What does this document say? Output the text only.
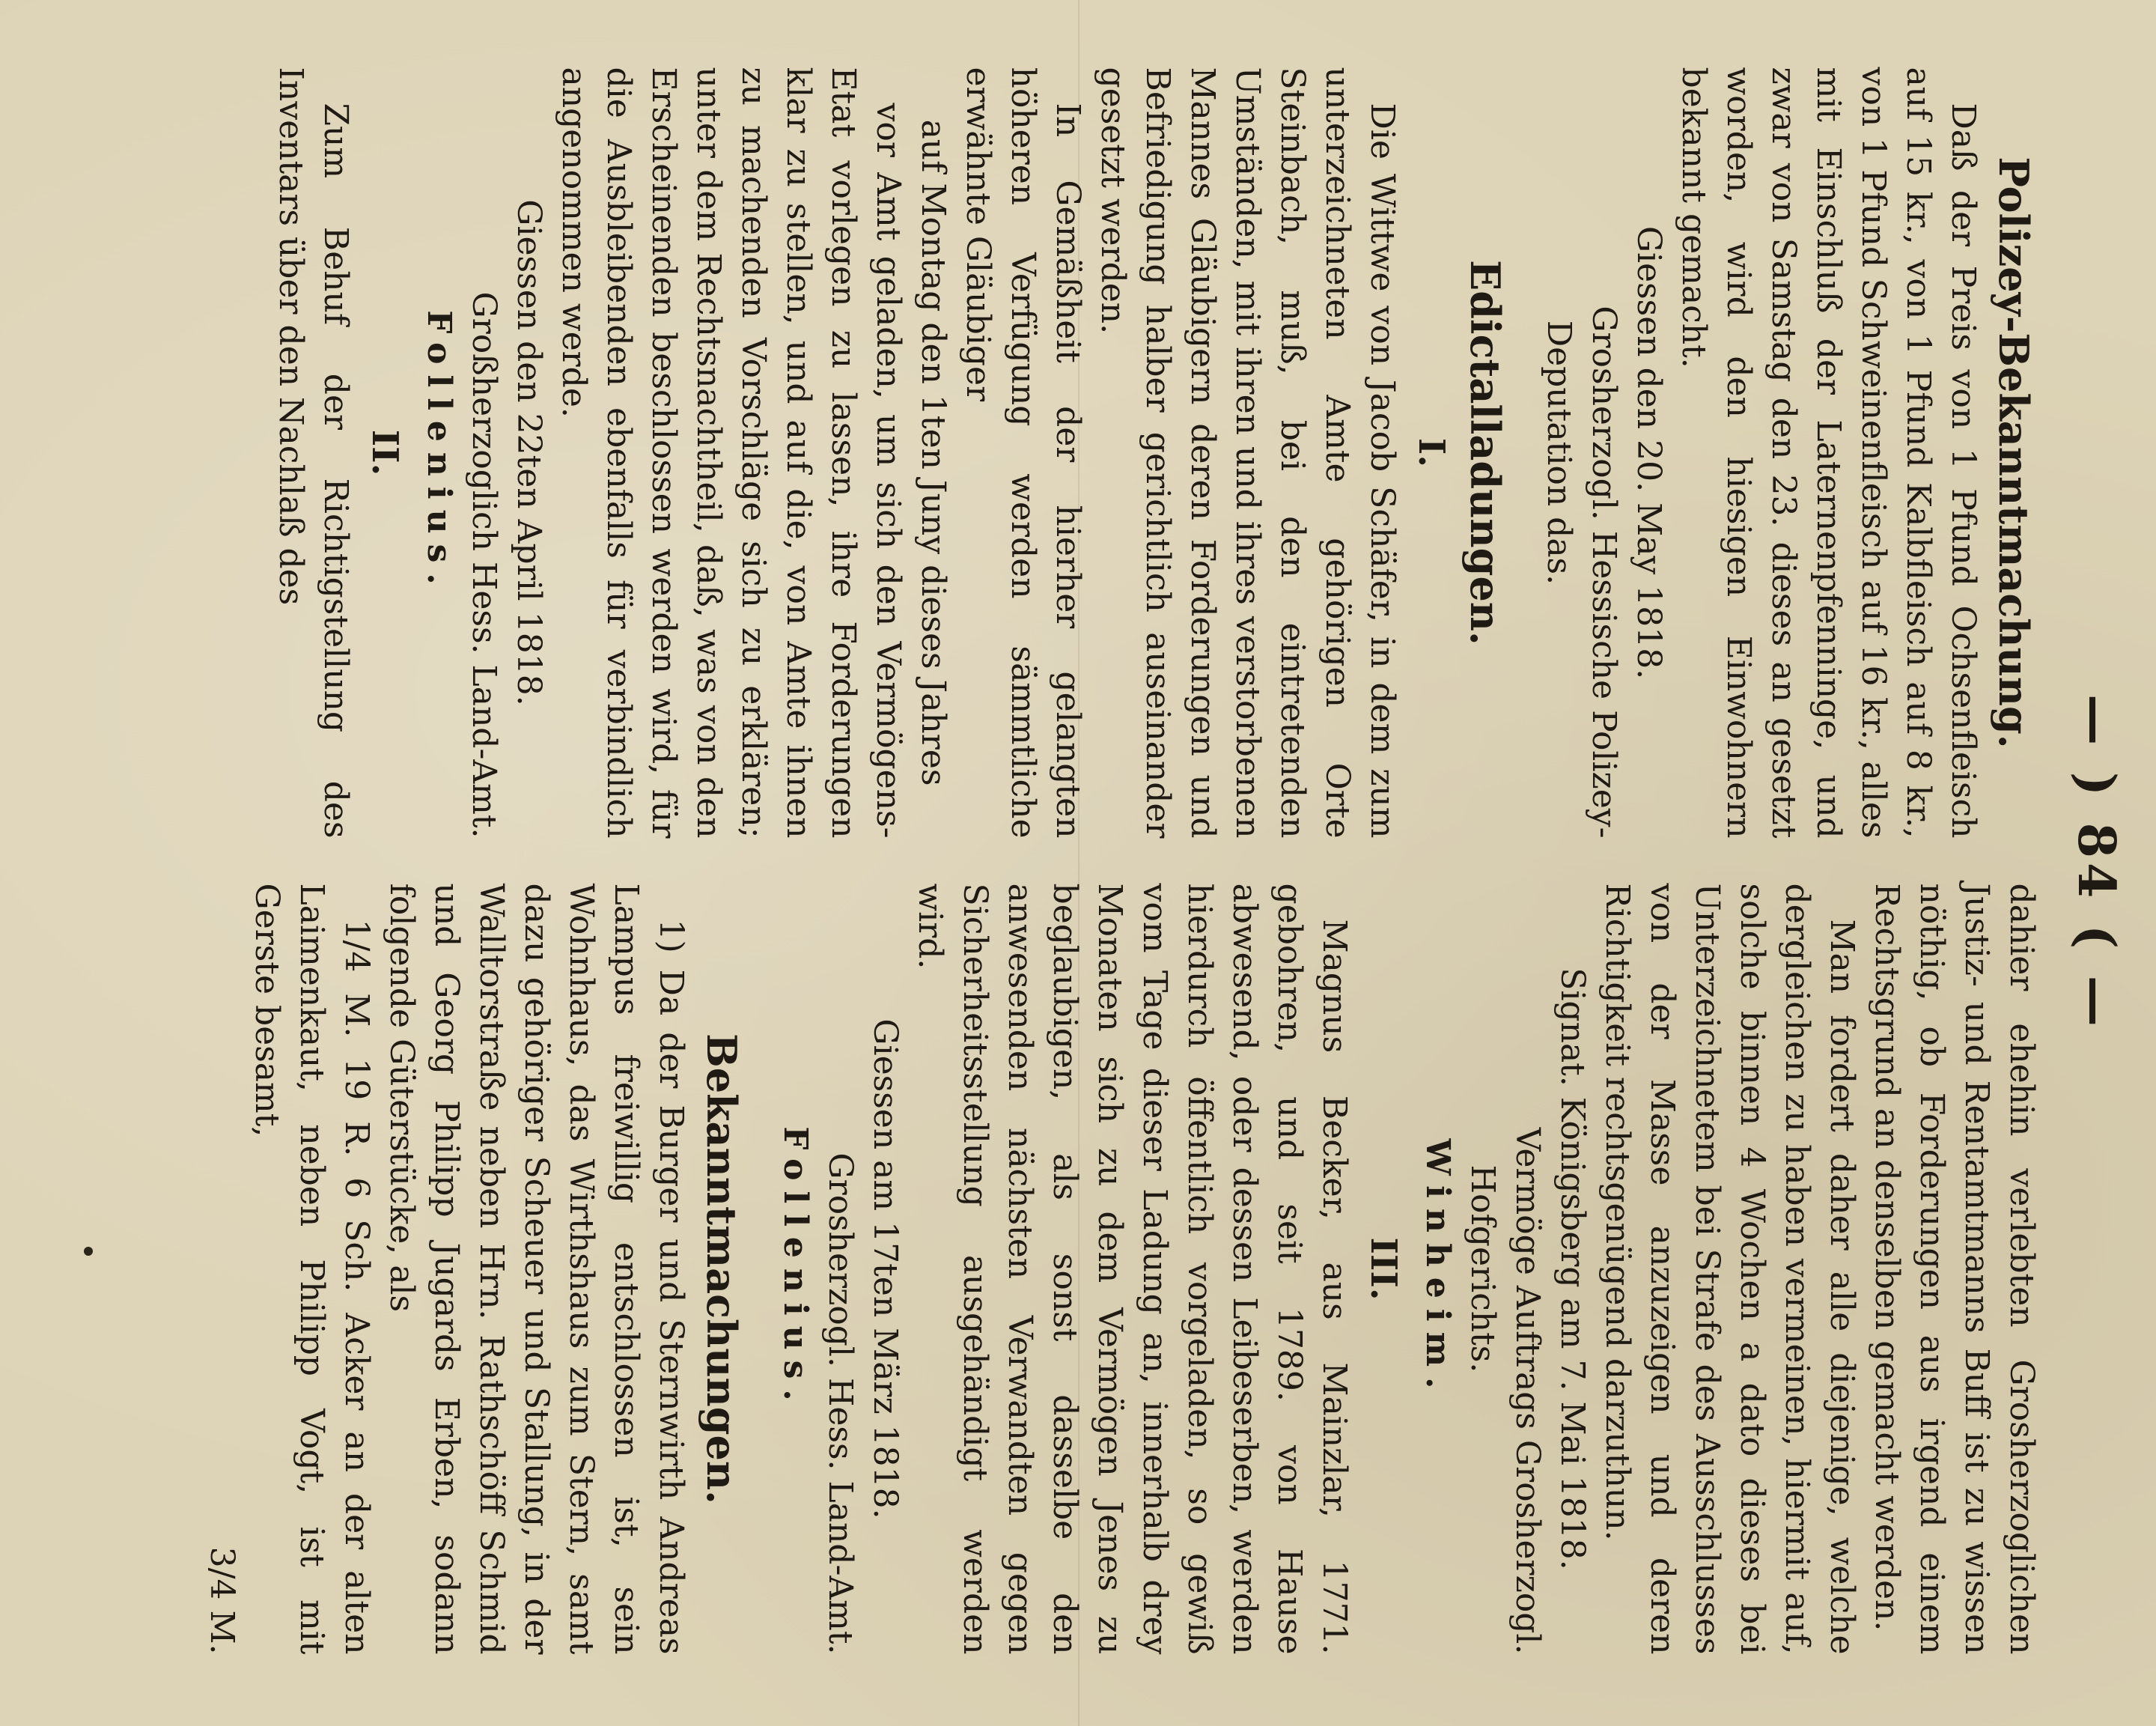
— ) 84 ( —
Polizey-Bekanntmachung.

Daß der Preis von 1 Pfund Ochsenfleisch auf 15 kr., von 1 Pfund Kalbfleisch auf 8 kr., von 1 Pfund Schweinenfleisch auf 16 kr., alles mit Einschluß der Laternenpfenninge, und zwar von Samstag den 23. dieses an gesetzt worden, wird den hiesigen Einwohnern bekannt gemacht.

Giessen den 20. May 1818.

Grosherzogl. Hessische Polizey-

Deputation das.

Edictalladungen.
I.

Die Wittwe von Jacob Schäfer, in dem zum unterzeichneten Amte gehörigen Orte Steinbach, muß, bei den eintretenden Umständen, mit ihren und ihres verstorbenen Mannes Gläubigern deren Forderungen und Befriedigung halber gerichtlich auseinander gesetzt werden.

In Gemäßheit der hierher gelangten höheren Verfügung werden sämmtliche erwähnte Gläubiger

auf Montag den 1ten Juny dieses Jahres

vor Amt geladen, um sich den Vermögens-Etat vorlegen zu lassen, ihre Forderungen klar zu stellen, und auf die, von Amte ihnen zu machenden Vorschläge sich zu erklären; unter dem Rechtsnachtheil, daß, was von den Erscheinenden beschlossen werden wird, für die Ausbleibenden ebenfalls für verbindlich angenommen werde.

Giessen den 22ten April 1818.

Großherzoglich Hess. Land-Amt.

Follenius.

II.

Zum Behuf der Richtigstellung des Inventars über den Nachlaß des

dahier ehehin verlebten Grosherzoglichen Justiz- und Rentamtmanns Buff ist zu wissen nöthig, ob Forderungen aus irgend einem Rechtsgrund an denselben gemacht werden.

Man fordert daher alle diejenige, welche dergleichen zu haben vermeinen, hiermit auf, solche binnen 4 Wochen a dato dieses bei Unterzeichnetem bei Strafe des Ausschlusses von der Masse anzuzeigen und deren Richtigkeit rechtsgenügend darzuthun.

Signat. Königsberg am 7. Mai 1818.

Vermöge Auftrags Grosherzogl.

Hofgerichts.

Winheim.

III.

Magnus Becker, aus Mainzlar, 1771. gebohren, und seit 1789. von Hause abwesend, oder dessen Leibeserben, werden hierdurch öffentlich vorgeladen, so gewiß vom Tage dieser Ladung an, innerhalb drey Monaten sich zu dem Vermögen Jenes zu beglaubigen, als sonst dasselbe den anwesenden nächsten Verwandten gegen Sicherheitsstellung ausgehändigt werden wird.

Giessen am 17ten März 1818.

Grosherzogl. Hess. Land-Amt.

Follenius.

Bekanntmachungen.

1) Da der Burger und Sternwirth Andreas Lampus freiwillig entschlossen ist, sein Wohnhaus, das Wirthshaus zum Stern, samt dazu gehöriger Scheuer und Stallung, in der Walltorstraße neben Hrn. Rathschöff Schmid und Georg Philipp Jugards Erben, sodann folgende Güterstücke, als

1/4 M. 19 R. 6 Sch. Acker an der alten Laimenkaut, neben Philipp Vogt, ist mit Gerste besamt,

3/4 M.
